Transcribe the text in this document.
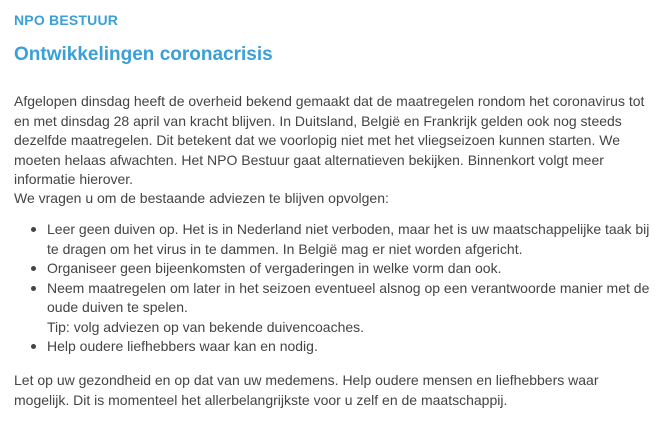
NPO BESTUUR
Ontwikkelingen coronacrisis

Afgelopen dinsdag heeft de overheid bekend gemaakt dat de maatregelen rondom het coronavirus tot en met dinsdag 28 april van kracht blijven. In Duitsland, België en Frankrijk gelden ook nog steeds dezelfde maatregelen. Dit betekent dat we voorlopig niet met het vliegseizoen kunnen starten. We moeten helaas afwachten. Het NPO Bestuur gaat alternatieven bekijken. Binnenkort volgt meer informatie hierover.

We vragen u om de bestaande adviezen te blijven opvolgen:

Leer geen duiven op. Het is in Nederland niet verboden, maar het is uw maatschappelijke taak bij te dragen om het virus in te dammen. In België mag er niet worden afgericht.
Organiseer geen bijeenkomsten of vergaderingen in welke vorm dan ook.
Neem maatregelen om later in het seizoen eventueel alsnog op een verantwoorde manier met de oude duiven te spelen.
Tip: volg adviezen op van bekende duivencoaches.
Help oudere liefhebbers waar kan en nodig.

Let op uw gezondheid en op dat van uw medemens. Help oudere mensen en liefhebbers waar mogelijk. Dit is momenteel het allerbelangrijkste voor u zelf en de maatschappij.
